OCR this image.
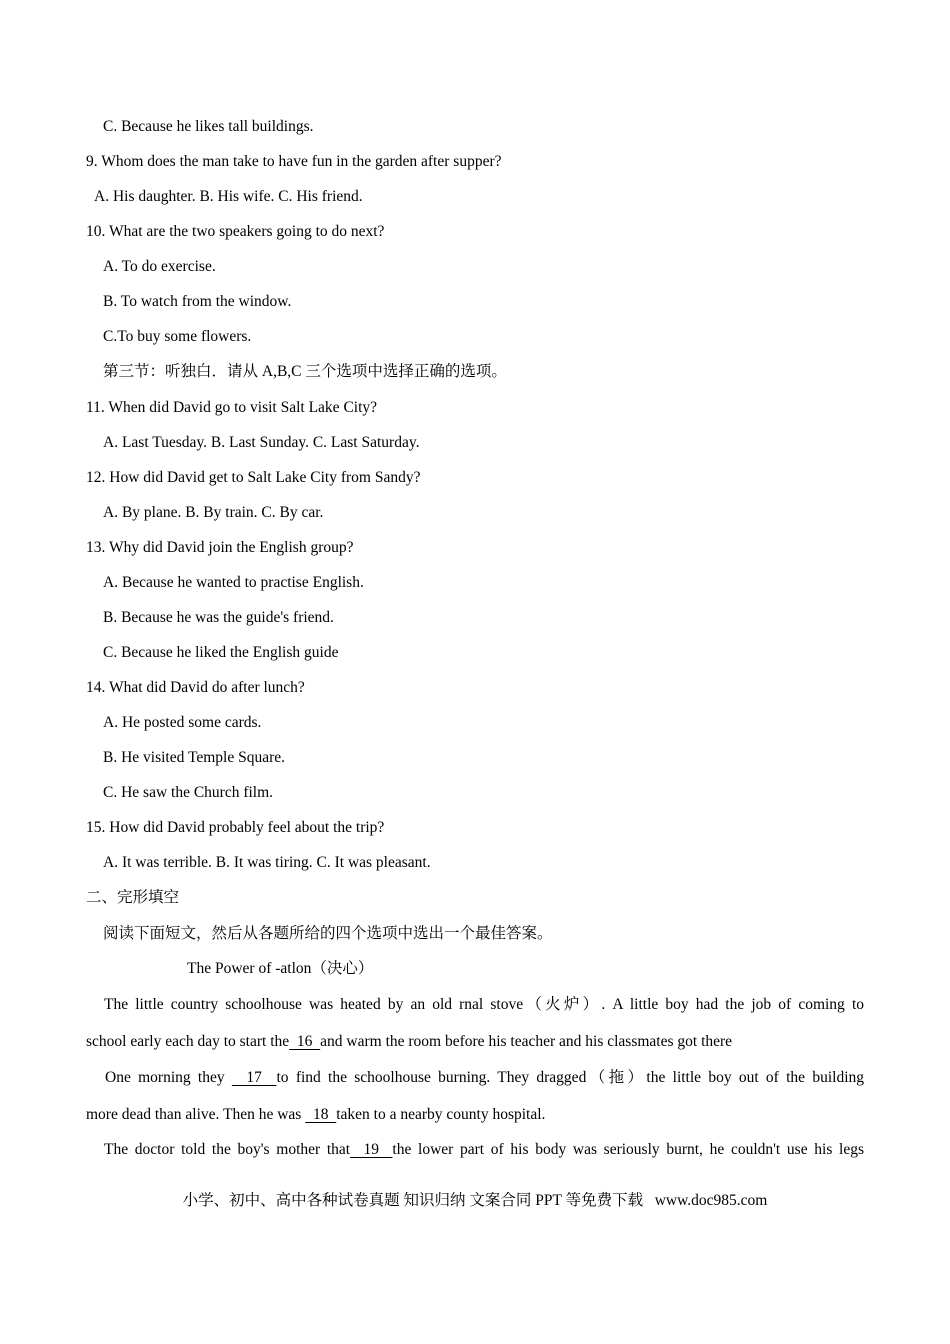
C. Because he likes tall buildings.
9. Whom does the man take to have fun in the garden after supper?
A. His daughter. B. His wife. C. His friend.
10. What are the two speakers going to do next?
A. To do exercise.
B. To watch from the window.
C.To buy some flowers.
第三节：听独白．请从 A,B,C 三个选项中选择正确的选项。
11. When did David go to visit Salt Lake City?
A. Last Tuesday. B. Last Sunday. C. Last Saturday.
12. How did David get to Salt Lake City from Sandy?
A. By plane. B. By train. C. By car.
13. Why did David join the English group?
A. Because he wanted to practise English.
B. Because he was the guide's friend.
C. Because he liked the English guide
14. What did David do after lunch?
A. He posted some cards.
B. He visited Temple Square.
C. He saw the Church film.
15. How did David probably feel about the trip?
A. It was terrible. B. It was tiring. C. It was pleasant.
二、完形填空
阅读下面短文，然后从各题所给的四个选项中选出一个最佳答案。
The Power of -atlon（决心）
The little country schoolhouse was heated by an old rnal stove（火炉）. A little boy had the job of coming to
school early each day to start the  16  and warm the room before his teacher and his classmates got there
One morning they   17  to find the schoolhouse burning. They dragged（拖）the little boy out of the building
more dead than alive. Then he was   18  taken to a nearby county hospital.
The doctor told the boy's mother that  19  the lower part of his body was seriously burnt, he couldn't use his legs
小学、初中、高中各种试卷真题 知识归纳 文案合同 PPT 等免费下载   www.doc985.com
